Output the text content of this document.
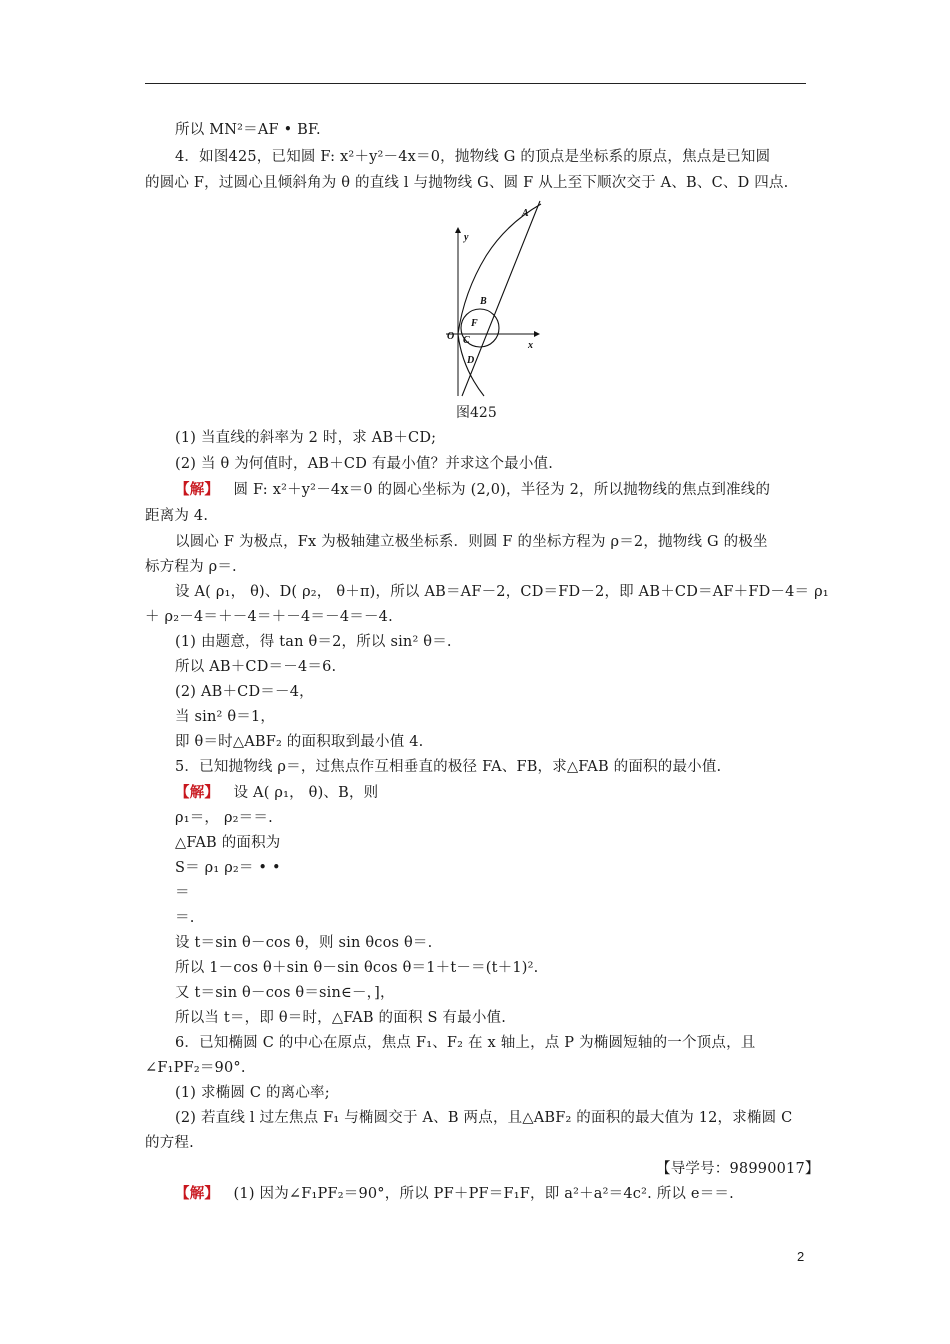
所以 MN²＝AF • BF.
4．如图425，已知圆 F: x²＋y²－4x＝0，抛物线 G 的顶点是坐标系的原点，焦点是已知圆
的圆心 F，过圆心且倾斜角为 θ 的直线 l 与抛物线 G、圆 F 从上至下顺次交于 A、B、C、D 四点.
y
x
A
B
F
O C
D
图425
(1) 当直线的斜率为 2 时，求 AB＋CD;
(2) 当 θ 为何值时，AB＋CD 有最小值？并求这个最小值.
【解】 圆 F: x²＋y²－4x＝0 的圆心坐标为 (2,0)，半径为 2，所以抛物线的焦点到准线的
距离为 4.
以圆心 F 为极点，Fx 为极轴建立极坐标系．则圆 F 的坐标方程为 ρ＝2，抛物线 G 的极坐
标方程为 ρ＝.
设 A( ρ₁， θ)、D( ρ₂， θ＋π)，所以 AB＝AF－2，CD＝FD－2，即 AB＋CD＝AF＋FD－4＝ ρ₁
＋ ρ₂－4＝＋－4＝＋－4＝－4＝－4.
(1) 由题意，得 tan θ＝2，所以 sin² θ＝.
所以 AB＋CD＝－4＝6.
(2) AB＋CD＝－4，
当 sin² θ＝1，
即 θ＝时△ABF₂ 的面积取到最小值 4.
5．已知抛物线 ρ＝，过焦点作互相垂直的极径 FA、FB，求△FAB 的面积的最小值.
【解】 设 A( ρ₁， θ)、B，则
ρ₁＝， ρ₂＝＝.
△FAB 的面积为
S＝ ρ₁ ρ₂＝ • •
＝
＝.
设 t＝sin θ－cos θ，则 sin θcos θ＝.
所以 1－cos θ＋sin θ－sin θcos θ＝1＋t－＝(t＋1)².
又 t＝sin θ－cos θ＝sin∈－，]，
所以当 t＝，即 θ＝时，△FAB 的面积 S 有最小值.
6．已知椭圆 C 的中心在原点，焦点 F₁、F₂ 在 x 轴上，点 P 为椭圆短轴的一个顶点，且
∠F₁PF₂＝90°.
(1) 求椭圆 C 的离心率;
(2) 若直线 l 过左焦点 F₁ 与椭圆交于 A、B 两点，且△ABF₂ 的面积的最大值为 12，求椭圆 C
的方程.
【导学号：98990017】
【解】 (1) 因为∠F₁PF₂＝90°，所以 PF＋PF＝F₁F，即 a²＋a²＝4c². 所以 e＝＝.
2
